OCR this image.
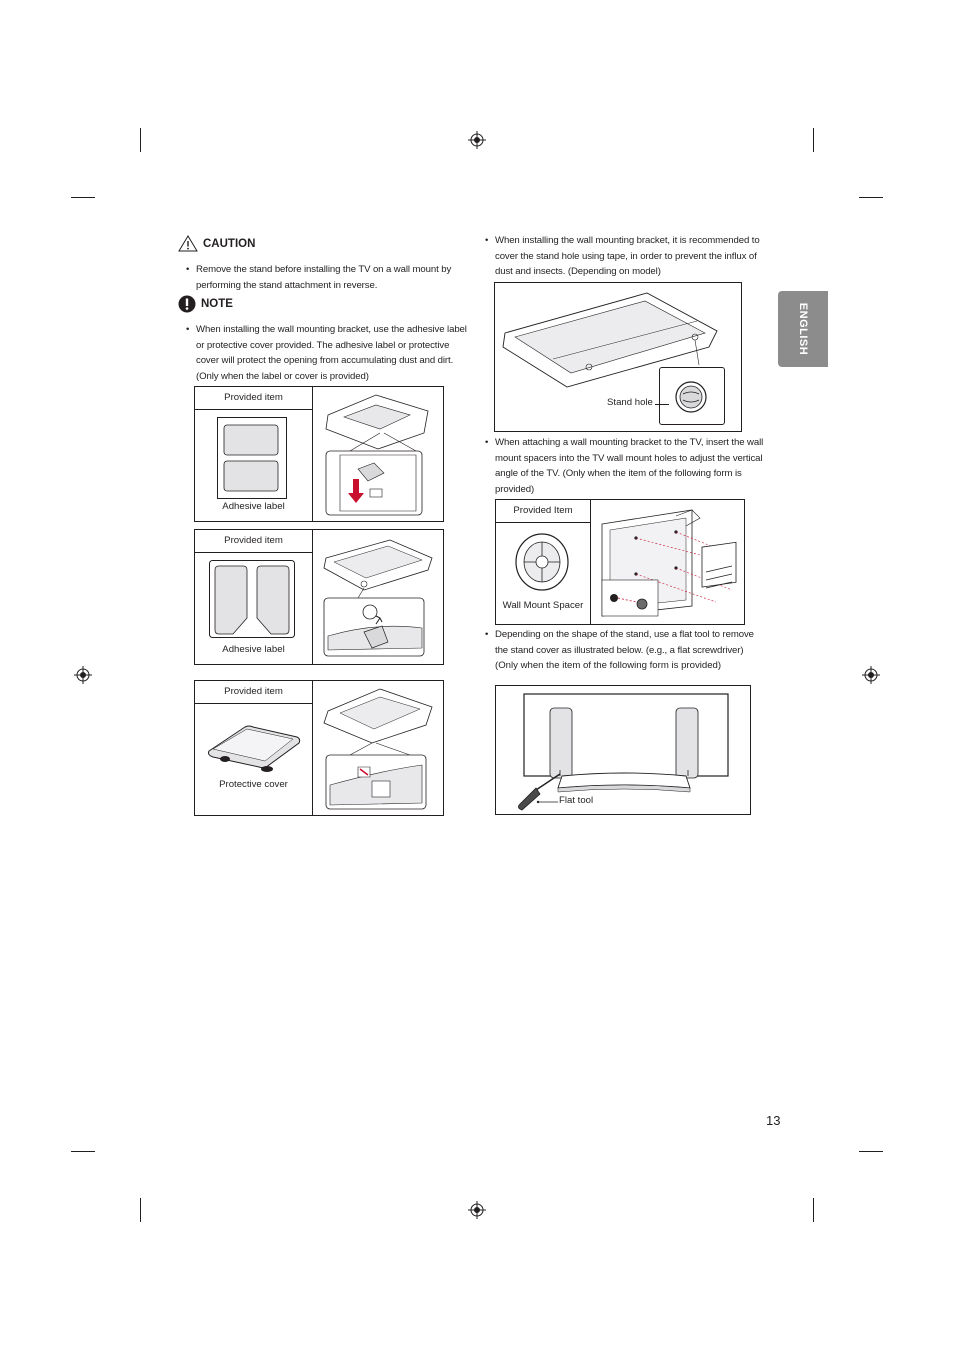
ENGLISH
CAUTION
• Remove the stand before installing the TV on a wall mount by performing the stand attachment in reverse.
NOTE
• When installing the wall mounting bracket, use the adhesive label or protective cover provided. The adhesive label or protective cover will protect the opening from accumulating dust and dirt. (Only when the label or cover is provided)
Provided item
Adhesive label
Provided item
Adhesive label
Provided item
Protective cover
• When installing the wall mounting bracket, it is recommended to cover the stand hole using tape, in order to prevent the influx of dust and insects. (Depending on model)
Stand hole
• When attaching a wall mounting bracket to the TV, insert the wall mount spacers into the TV wall mount holes to adjust the vertical angle of the TV. (Only when the item of the following form is provided)
Provided Item
Wall Mount Spacer
• Depending on the shape of the stand, use a flat tool to remove the stand cover as illustrated below. (e.g., a flat screwdriver)
(Only when the item of the following form is provided)
Flat tool
13
